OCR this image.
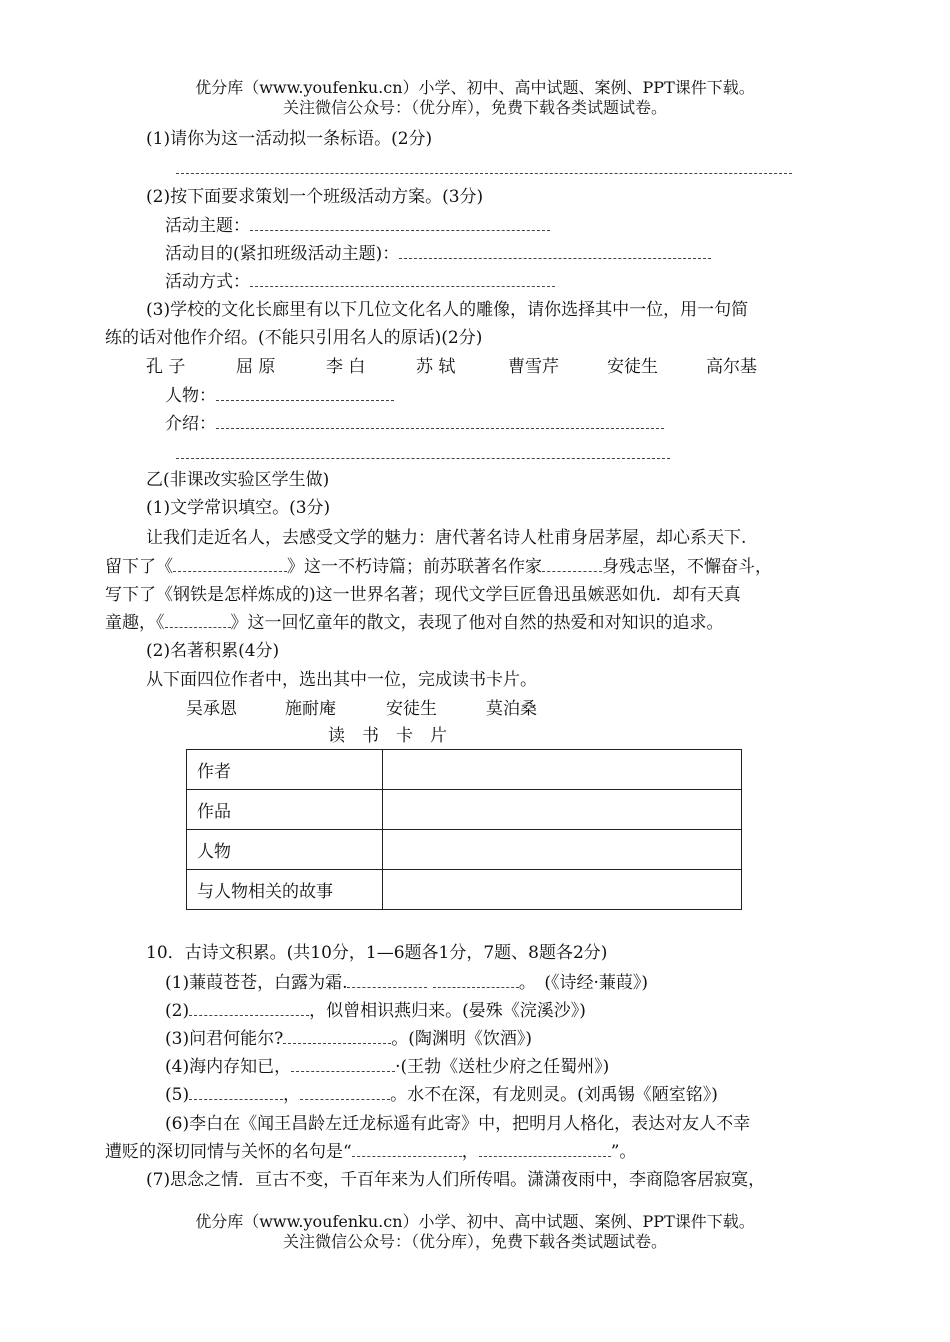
优分库（www.youfenku.cn）小学、初中、高中试题、案例、PPT课件下载。
关注微信公众号：（优分库），免费下载各类试题试卷。
(1)请你为这一活动拟一条标语。(2分)
(2)按下面要求策划一个班级活动方案。(3分)
活动主题：
活动目的(紧扣班级活动主题)：
活动方式：
(3)学校的文化长廊里有以下几位文化名人的雕像，请你选择其中一位，用一句简
练的话对他作介绍。(不能只引用名人的原话)(2分)
孔 子	屈 原	李 白	苏 轼	曹雪芹	安徒生	高尔基
人物：
介绍：
乙(非课改实验区学生做)
(1)文学常识填空。(3分)
让我们走近名人，去感受文学的魅力：唐代著名诗人杜甫身居茅屋，却心系天下.
留下了《	》这一不朽诗篇；前苏联著名作家	身残志坚，不懈奋斗，
写下了《钢铁是怎样炼成的)这一世界名著；现代文学巨匠鲁迅虽嫉恶如仇．却有天真
童趣，《	》这一回忆童年的散文，表现了他对自然的热爱和对知识的追求。
(2)名著积累(4分)
从下面四位作者中，选出其中一位，完成读书卡片。
吴承恩	施耐庵	安徒生	莫泊桑
读　书　卡　片
作者	
作品	
人物	
与人物相关的故事	
10．古诗文积累。(共10分，1—6题各1分，7题、8题各2分)
(1)蒹葭苍苍，白露为霜.	。　(《诗经·蒹葭》)
(2)	，似曾相识燕归来。(晏殊《浣溪沙》)
(3)问君何能尔?	。(陶渊明《饮酒》)
(4)海内存知已，	·(王勃《送杜少府之任蜀州》)
(5)	，	。水不在深，有龙则灵。(刘禹锡《陋室铭》)
(6)李白在《闻王昌龄左迁龙标遥有此寄》中，把明月人格化，表达对友人不幸
遭贬的深切同情与关怀的名句是“	，	”。
(7)思念之情．亘古不变，千百年来为人们所传唱。潇潇夜雨中，李商隐客居寂寞，
优分库（www.youfenku.cn）小学、初中、高中试题、案例、PPT课件下载。
关注微信公众号：（优分库），免费下载各类试题试卷。
